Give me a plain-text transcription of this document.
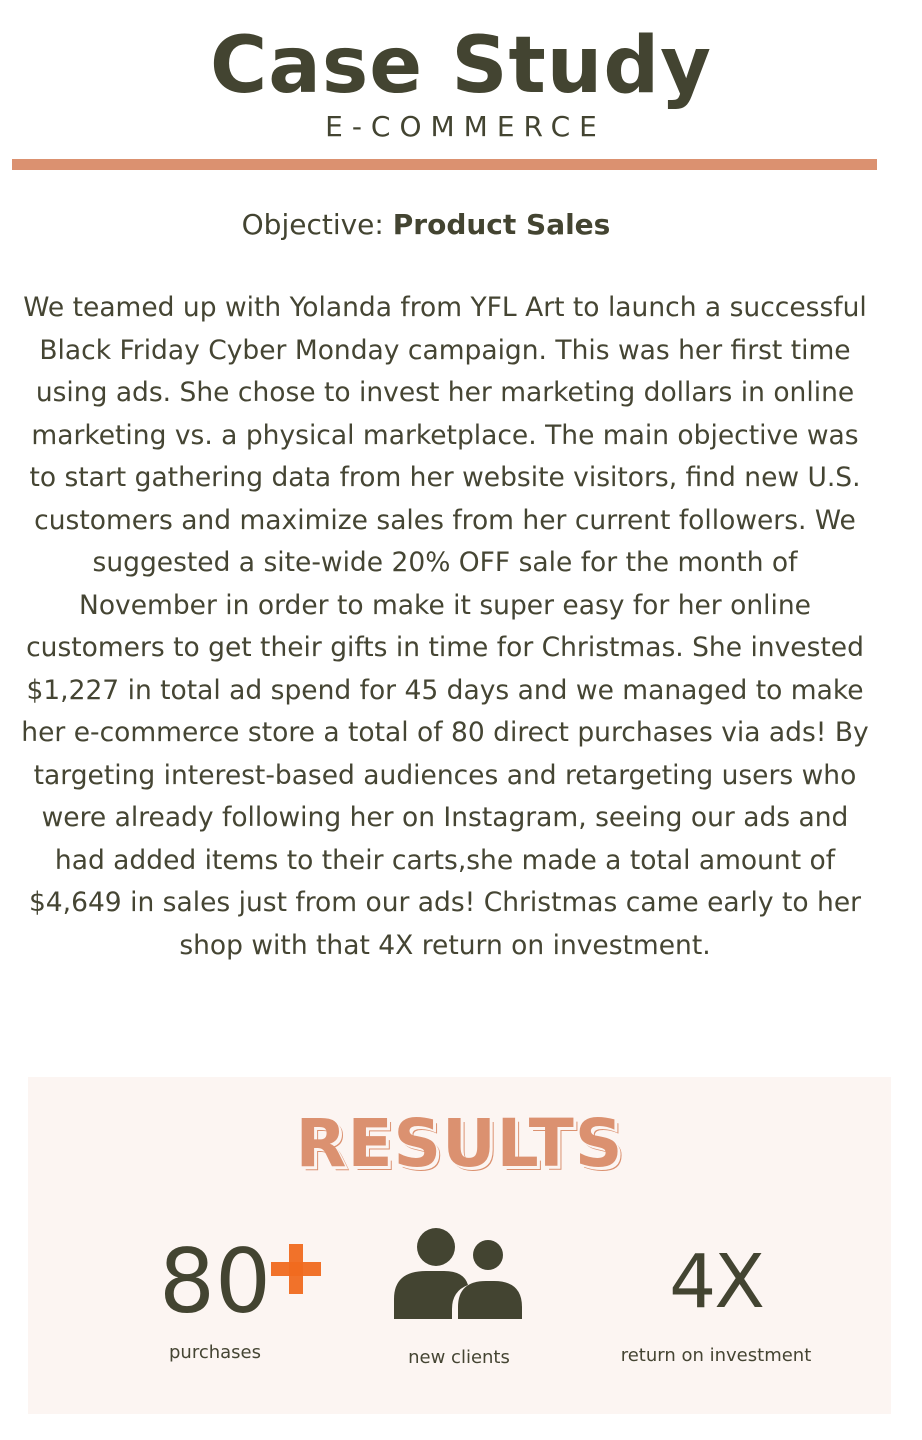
Case Study
E-COMMERCE
Objective: Product Sales

We teamed up with Yolanda from YFL Art to launch a successful Black Friday Cyber Monday campaign. This was her first time using ads. She chose to invest her marketing dollars in online marketing vs. a physical marketplace. The main objective was to start gathering data from her website visitors, find new U.S. customers and maximize sales from her current followers. We suggested a site-wide 20% OFF sale for the month of November in order to make it super easy for her online customers to get their gifts in time for Christmas. She invested $1,227 in total ad spend for 45 days and we managed to make her e-commerce store a total of 80 direct purchases via ads! By targeting interest-based audiences and retargeting users who were already following her on Instagram, seeing our ads and had added items to their carts,she made a total amount of $4,649 in sales just from our ads! Christmas came early to her shop with that 4X return on investment.

RESULTS
80
purchases	new clients
4X
return on investment
